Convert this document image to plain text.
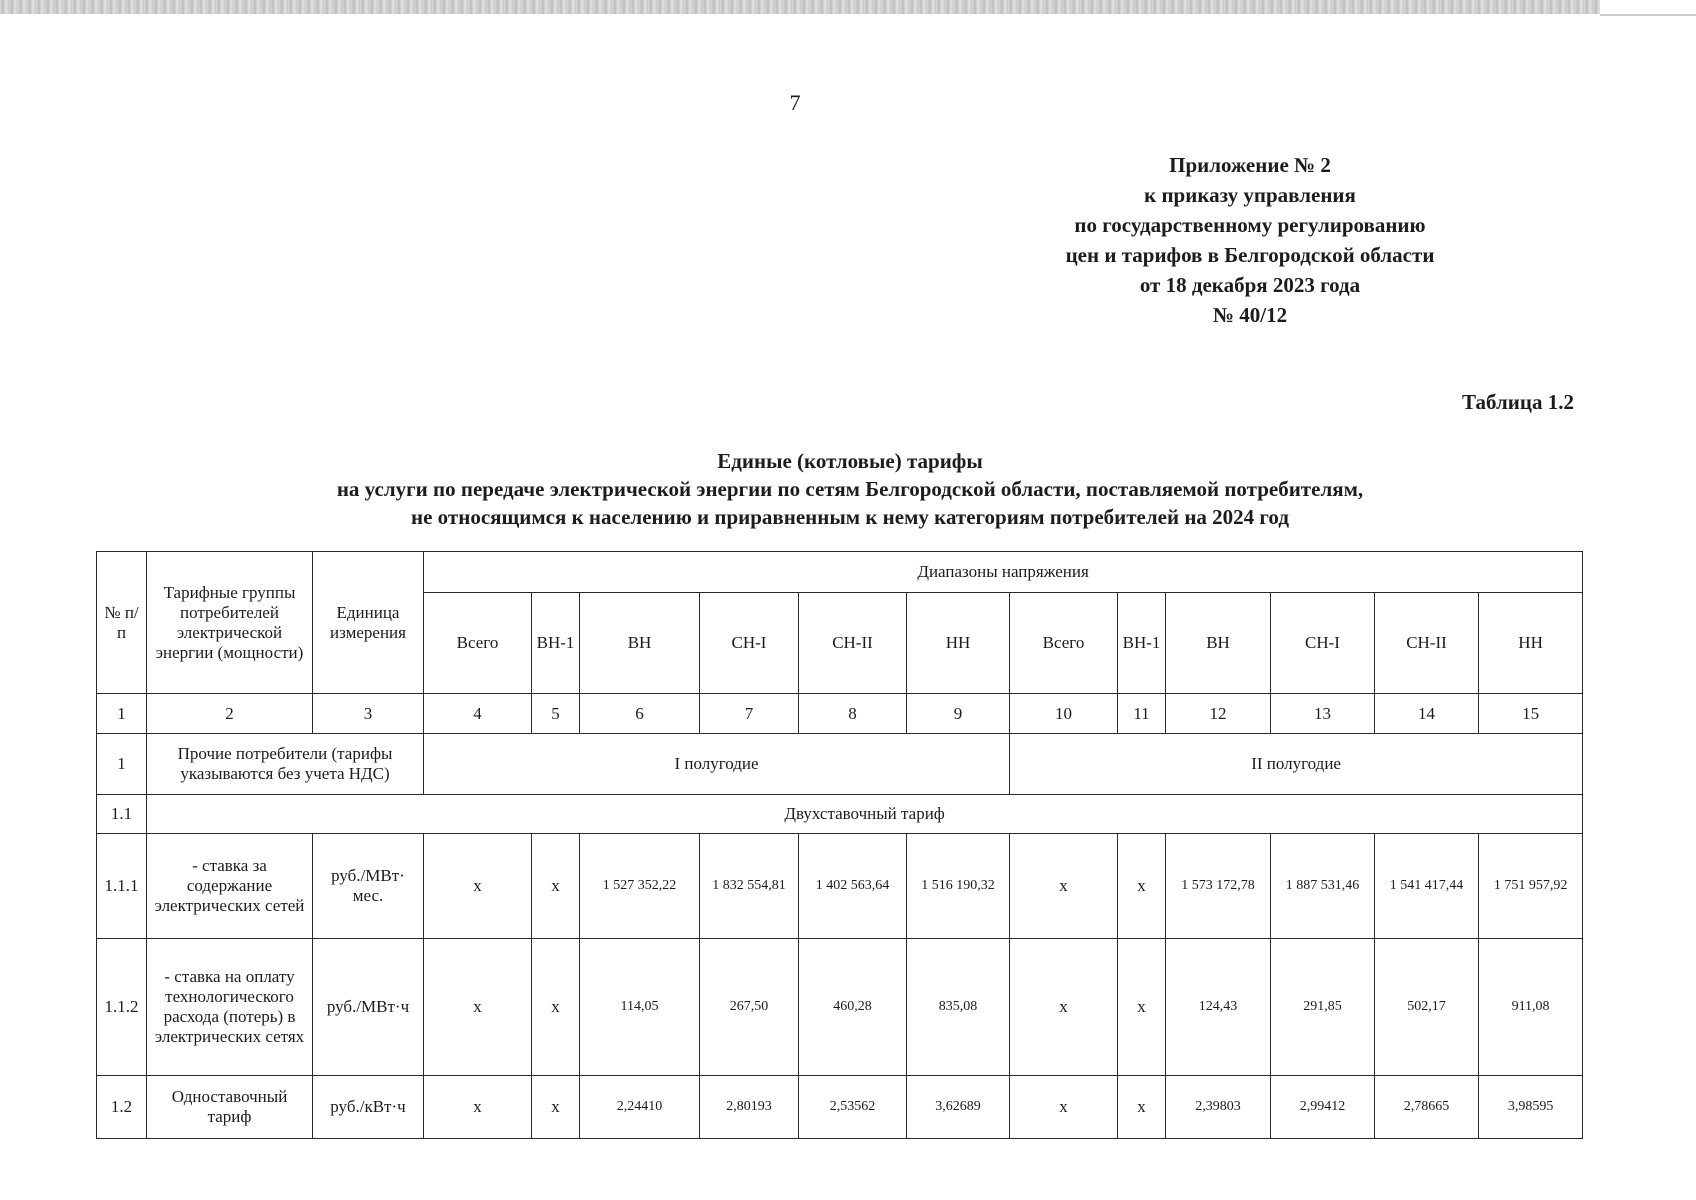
7
Приложение № 2
к приказу управления
по государственному регулированию
цен и тарифов в Белгородской области
от 18 декабря 2023 года
№ 40/12
Таблица 1.2
Единые (котловые) тарифы
на услуги по передаче электрической энергии по сетям Белгородской области, поставляемой потребителям,
не относящимся к населению и приравненным к нему категориям потребителей на 2024 год
№ п/п	Тарифные группы потребителей электрической энергии (мощности)	Единица измерения	Диапазоны напряжения											
			Всего	ВН-1	ВН	СН-I	СН-II	НН	Всего	ВН-1	ВН	СН-I	СН-II	НН
1	2	3	4	5	6	7	8	9	10	11	12	13	14	15
1	Прочие потребители (тарифы указываются без учета НДС)		I полугодие						II полугодие					
1.1	Двухставочный тариф													
1.1.1	- ставка за содержание электрических сетей	руб./МВт· мес.	x	x	1 527 352,22	1 832 554,81	1 402 563,64	1 516 190,32	x	x	1 573 172,78	1 887 531,46	1 541 417,44	1 751 957,92
1.1.2	- ставка на оплату технологического расхода (потерь) в электрических сетях	руб./МВт·ч	x	x	114,05	267,50	460,28	835,08	x	x	124,43	291,85	502,17	911,08
1.2	Одноставочный тариф	руб./кВт·ч	x	x	2,24410	2,80193	2,53562	3,62689	x	x	2,39803	2,99412	2,78665	3,98595
